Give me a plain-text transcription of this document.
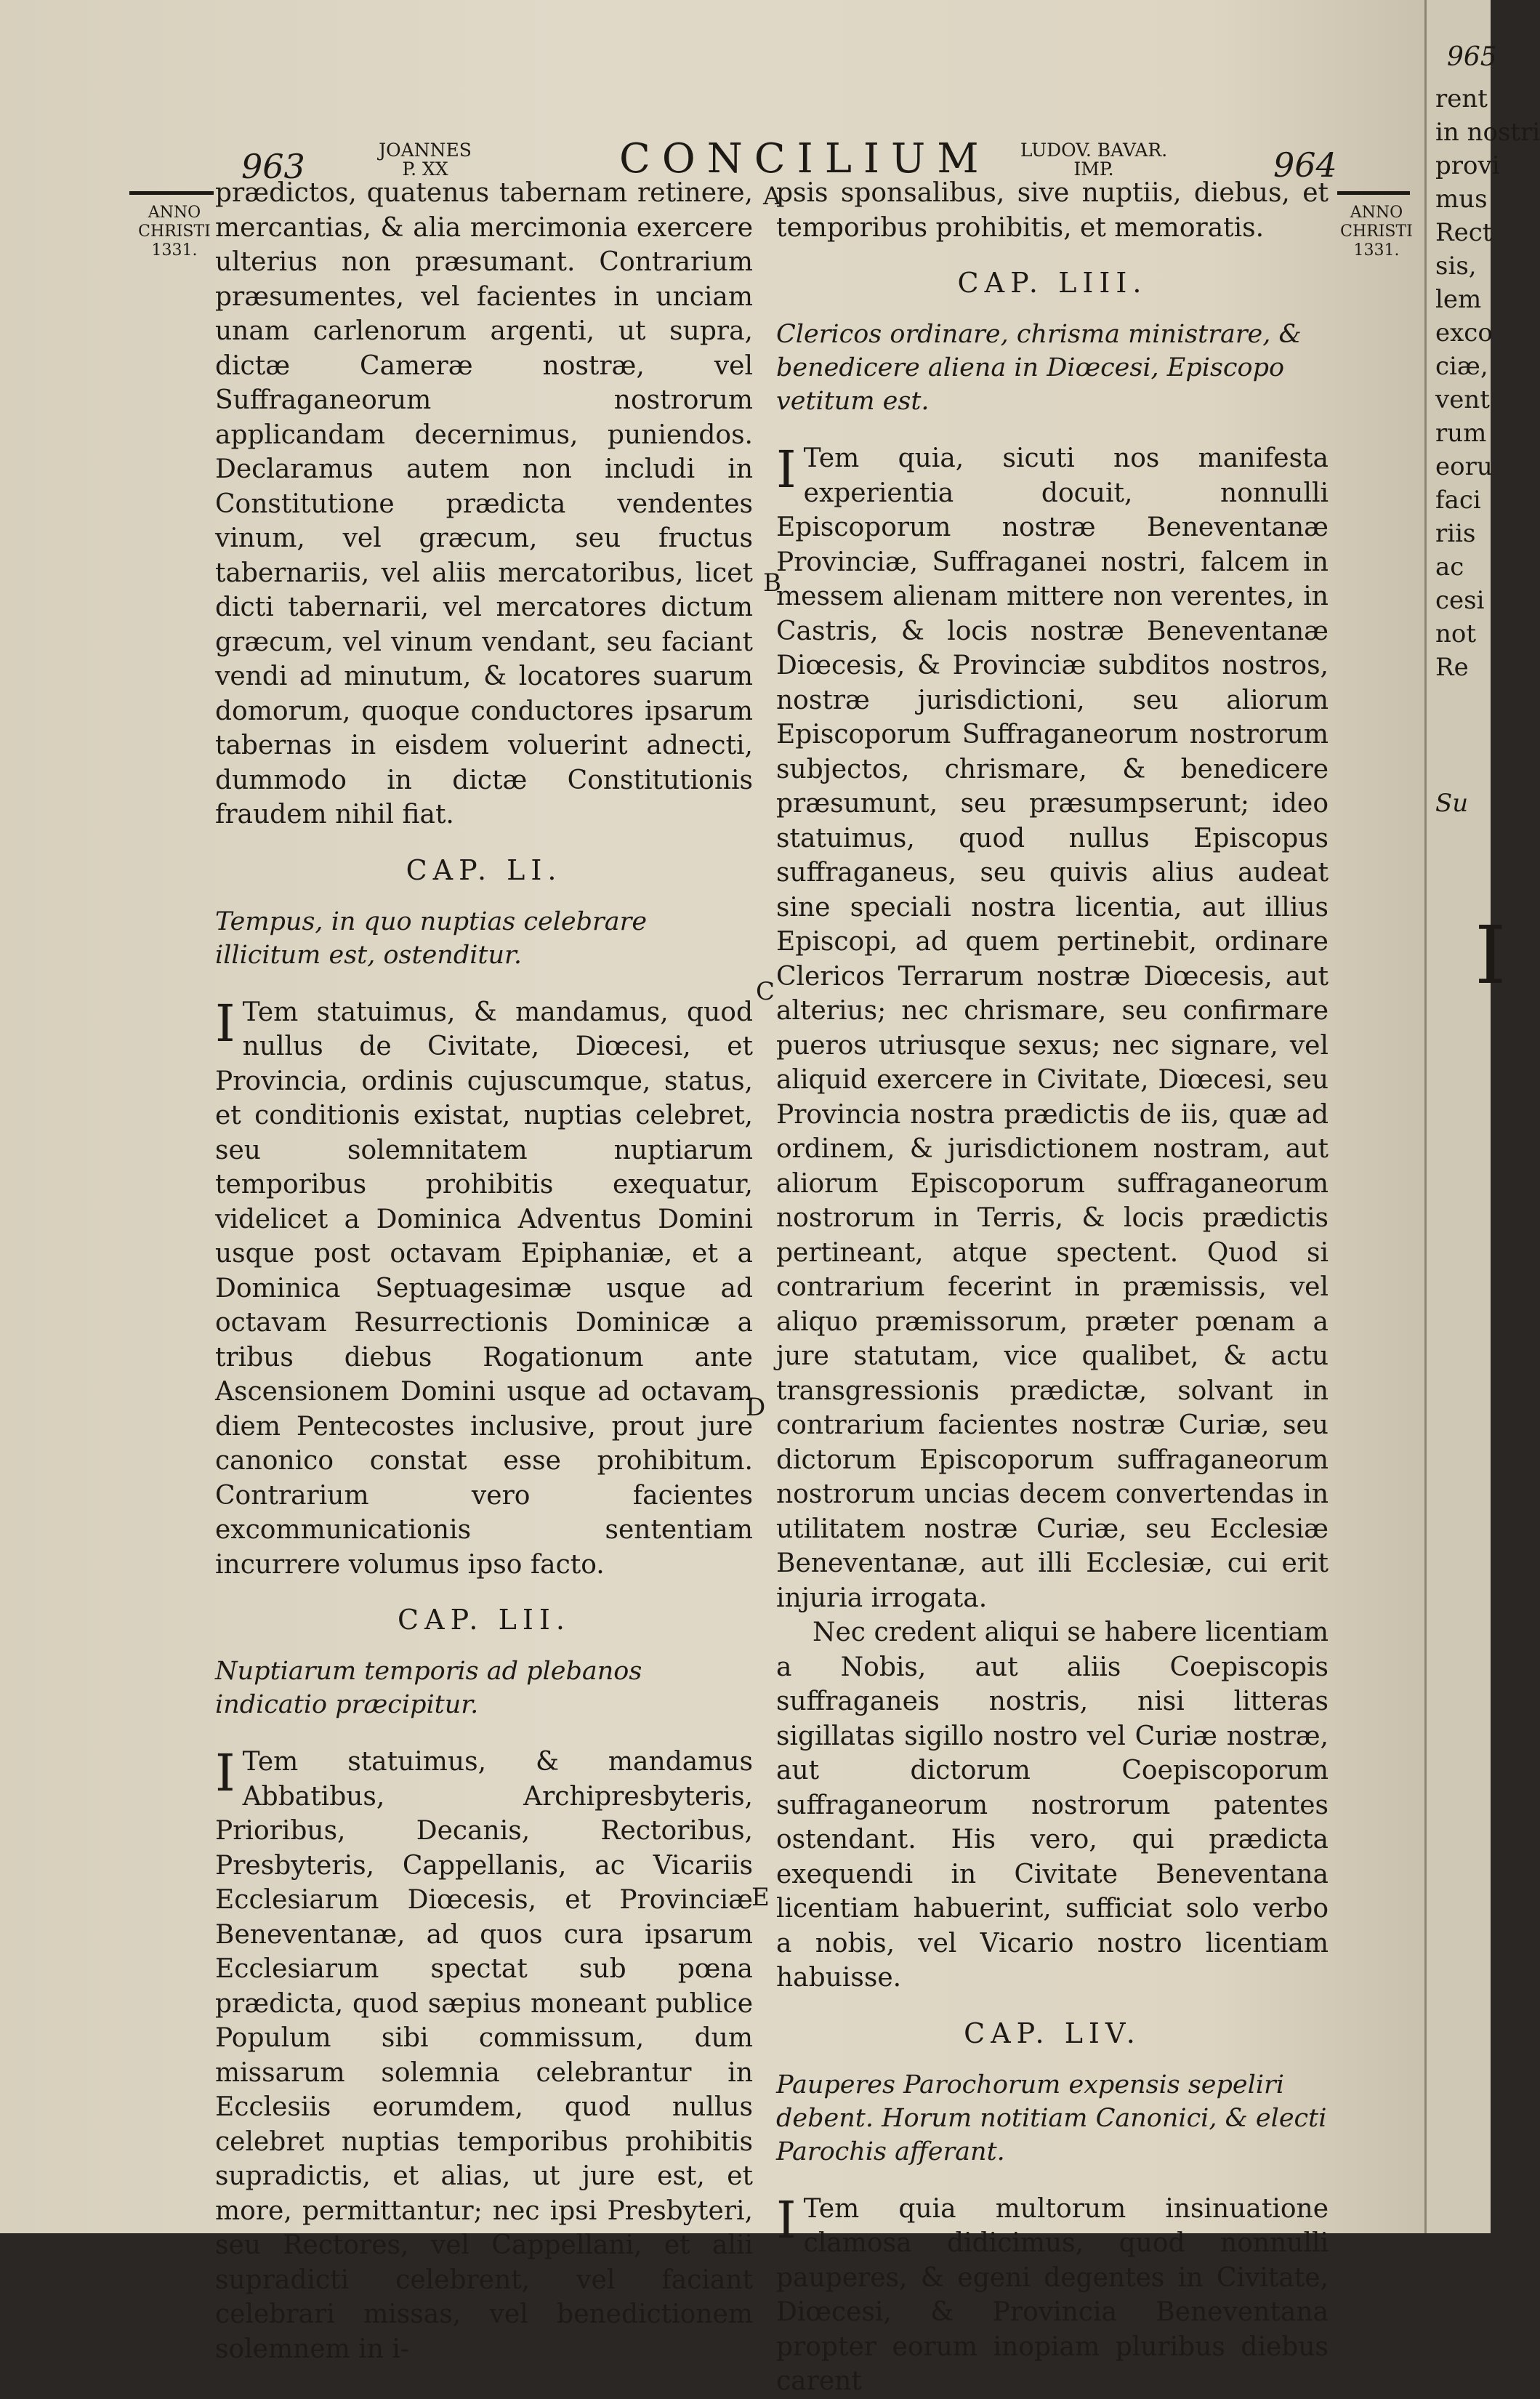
963	JOANNES
P. XX	CONCILIUM LUDOV. BAVAR.
IMP.	964
ANNO
CHRISTI
1331.
ANNO
CHRISTI
1331.
A
B
C
D
E

prædictos, quatenus tabernam retinere, mercantias, & alia mercimonia exercere ulterius non præsumant. Contrarium præsumentes, vel facientes in unciam unam carlenorum argenti, ut supra, dictæ Cameræ nostræ, vel Suffraganeorum nostrorum applicandam decernimus, puniendos. Declaramus autem non includi in Constitutione prædicta vendentes vinum, vel græcum, seu fructus tabernariis, vel aliis mercatoribus, licet dicti tabernarii, vel mercatores dictum græcum, vel vinum vendant, seu faciant vendi ad minutum, & locatores suarum domorum, quoque conductores ipsarum tabernas in eisdem voluerint adnecti, dummodo in dictæ Constitutionis fraudem nihil fiat.

CAP. LI.
Tempus, in quo nuptias celebrare illicitum est, ostenditur.

I Tem statuimus, & mandamus, quod nullus de Civitate, Diœcesi, et Provincia, ordinis cujuscumque, status, et conditionis existat, nuptias celebret, seu solemnitatem nuptiarum temporibus prohibitis exequatur, videlicet a Dominica Adventus Domini usque post octavam Epiphaniæ, et a Dominica Septuagesimæ usque ad octavam Resurrectionis Dominicæ a tribus diebus Rogationum ante Ascensionem Domini usque ad octavam diem Pentecostes inclusive, prout jure canonico constat esse prohibitum. Contrarium vero facientes excommunicationis sententiam incurrere volumus ipso facto.

CAP. LII.
Nuptiarum temporis ad plebanos indicatio præcipitur.

I Tem statuimus, & mandamus Abbatibus, Archipresbyteris, Prioribus, Decanis, Rectoribus, Presbyteris, Cappellanis, ac Vicariis Ecclesiarum Diœcesis, et Provinciæ Beneventanæ, ad quos cura ipsarum Ecclesiarum spectat sub pœna prædicta, quod sæpius moneant publice Populum sibi commissum, dum missarum solemnia celebrantur in Ecclesiis eorumdem, quod nullus celebret nuptias temporibus prohibitis supradictis, et alias, ut jure est, et more, permittantur; nec ipsi Presbyteri, seu Rectores, vel Cappellani, et alii supradicti celebrent, vel faciant celebrari missas, vel benedictionem solemnem in i-

psis sponsalibus, sive nuptiis, diebus, et temporibus prohibitis, et memoratis.

CAP. LIII.
Clericos ordinare, chrisma ministrare, & benedicere aliena in Diœcesi, Episcopo vetitum est.

I Tem quia, sicuti nos manifesta experientia docuit, nonnulli Episcoporum nostræ Beneventanæ Provinciæ, Suffraganei nostri, falcem in messem alienam mittere non verentes, in Castris, & locis nostræ Beneventanæ Diœcesis, & Provinciæ subditos nostros, nostræ jurisdictioni, seu aliorum Episcoporum Suffraganeorum nostrorum subjectos, chrismare, & benedicere præsumunt, seu præsumpserunt; ideo statuimus, quod nullus Episcopus suffraganeus, seu quivis alius audeat sine speciali nostra licentia, aut illius Episcopi, ad quem pertinebit, ordinare Clericos Terrarum nostræ Diœcesis, aut alterius; nec chrismare, seu confirmare pueros utriusque sexus; nec signare, vel aliquid exercere in Civitate, Diœcesi, seu Provincia nostra prædictis de iis, quæ ad ordinem, & jurisdictionem nostram, aut aliorum Episcoporum suffraganeorum nostrorum in Terris, & locis prædictis pertineant, atque spectent. Quod si contrarium fecerint in præmissis, vel aliquo præmissorum, præter pœnam a jure statutam, vice qualibet, & actu transgressionis prædictæ, solvant in contrarium facientes nostræ Curiæ, seu dictorum Episcoporum suffraganeorum nostrorum uncias decem convertendas in utilitatem nostræ Curiæ, seu Ecclesiæ Beneventanæ, aut illi Ecclesiæ, cui erit injuria irrogata.

Nec credent aliqui se habere licentiam a Nobis, aut aliis Coepiscopis suffraganeis nostris, nisi litteras sigillatas sigillo nostro vel Curiæ nostræ, aut dictorum Coepiscoporum suffraganeorum nostrorum patentes ostendant. His vero, qui prædicta exequendi in Civitate Beneventana licentiam habuerint, sufficiat solo verbo a nobis, vel Vicario nostro licentiam habuisse.

CAP. LIV.
Pauperes Parochorum expensis sepeliri debent. Horum notitiam Canonici, & electi Parochis afferant.

I Tem quia multorum insinuatione clamosa didicimus, quod nonnulli pauperes, & egeni degentes in Civitate, Diœcesi, & Provincia Beneventana propter eorum inopiam pluribus diebus carent

965
rent
in nostri
provi
mus
Rect
sis,
lem
exco
ciæ,
vent
rum
eoru
faci
riis
ac
cesi
not
Re
Su
I
